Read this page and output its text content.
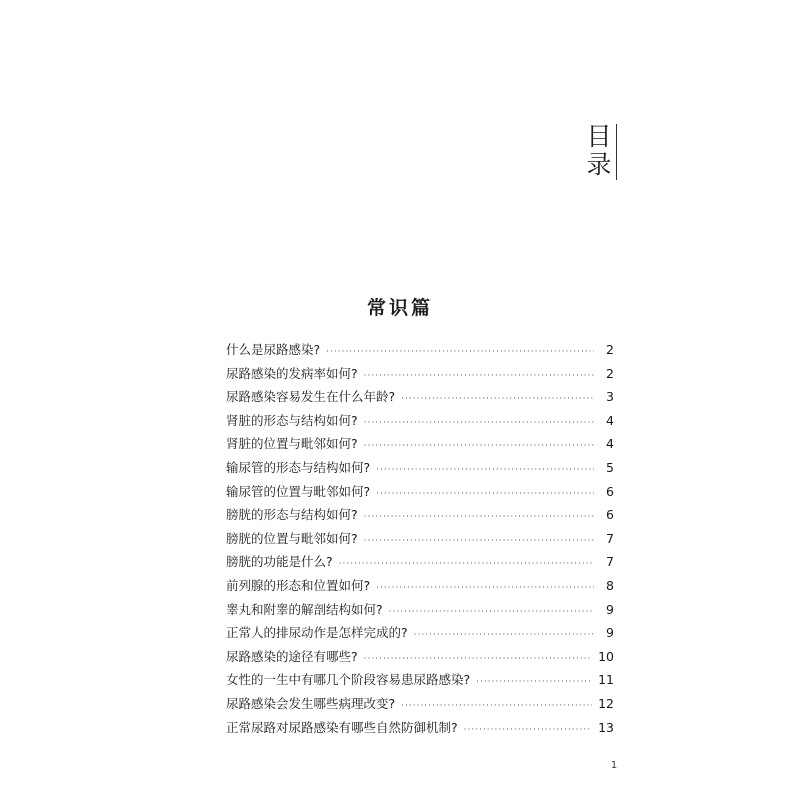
目
录
常识篇
什么是尿路感染? ·····	2
尿路感染的发病率如何? ·····	2
尿路感染容易发生在什么年龄? ·····	3
肾脏的形态与结构如何? ·····	4
肾脏的位置与毗邻如何? ·····	4
输尿管的形态与结构如何? ·····	5
输尿管的位置与毗邻如何? ·····	6
膀胱的形态与结构如何? ·····	6
膀胱的位置与毗邻如何? ·····	7
膀胱的功能是什么? ·····	7
前列腺的形态和位置如何? ·····	8
睾丸和附睾的解剖结构如何? ·····	9
正常人的排尿动作是怎样完成的? ·····	9
尿路感染的途径有哪些? ·····	10
女性的一生中有哪几个阶段容易患尿路感染? ·····	11
尿路感染会发生哪些病理改变? ·····	12
正常尿路对尿路感染有哪些自然防御机制? ·····	13
1
